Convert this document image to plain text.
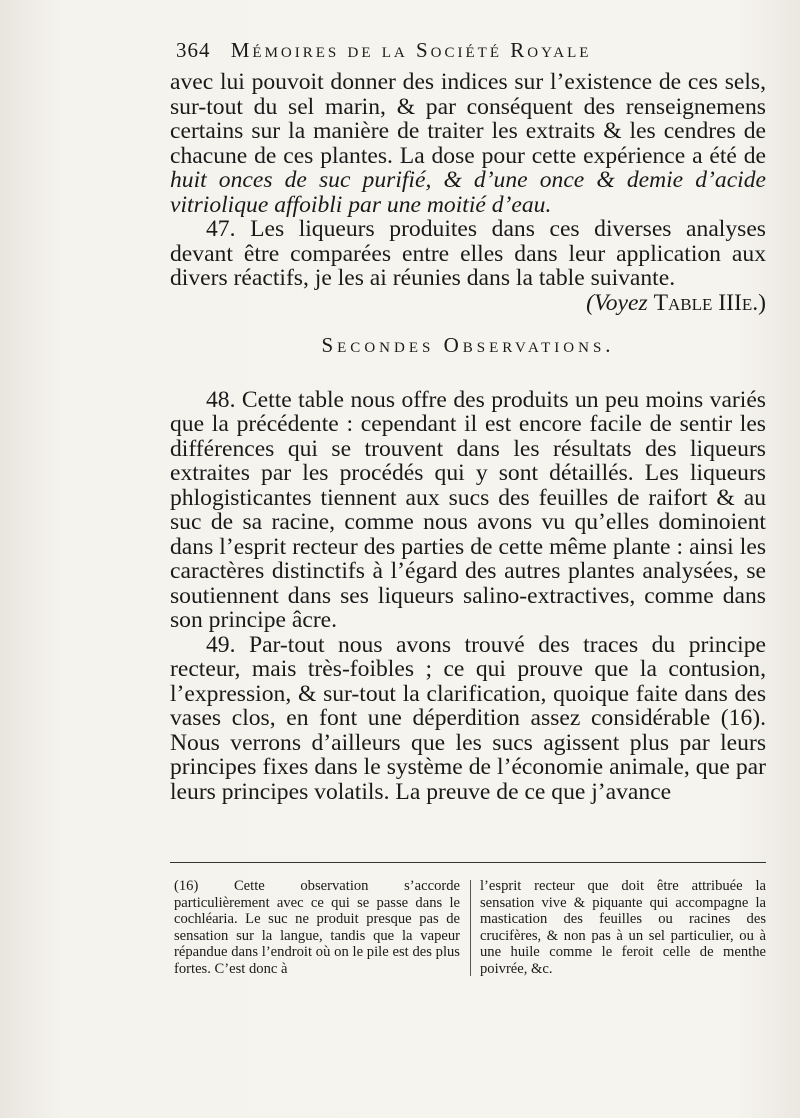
364 Mémoires de la Société Royale

avec lui pouvoit donner des indices sur l’existence de ces sels, sur-tout du sel marin, & par conséquent des renseignemens certains sur la manière de traiter les extraits & les cendres de chacune de ces plantes. La dose pour cette expérience a été de huit onces de suc purifié, & d’une once & demie d’acide vitriolique affoibli par une moitié d’eau.

47. Les liqueurs produites dans ces diverses analyses devant être comparées entre elles dans leur application aux divers réactifs, je les ai réunies dans la table suivante.

(Voyez Table IIIe.)

Secondes Observations.

48. Cette table nous offre des produits un peu moins variés que la précédente : cependant il est encore facile de sentir les différences qui se trouvent dans les résultats des liqueurs extraites par les procédés qui y sont détaillés. Les liqueurs phlogisticantes tiennent aux sucs des feuilles de raifort & au suc de sa racine, comme nous avons vu qu’elles dominoient dans l’esprit recteur des parties de cette même plante : ainsi les caractères distinctifs à l’égard des autres plantes analysées, se soutiennent dans ses liqueurs salino-extractives, comme dans son principe âcre.

49. Par-tout nous avons trouvé des traces du principe recteur, mais très-foibles ; ce qui prouve que la contusion, l’expression, & sur-tout la clarification, quoique faite dans des vases clos, en font une déperdition assez considérable (16). Nous verrons d’ailleurs que les sucs agissent plus par leurs principes fixes dans le système de l’économie animale, que par leurs principes volatils. La preuve de ce que j’avance

(16) Cette observation s’accorde particulièrement avec ce qui se passe dans le cochléaria. Le suc ne produit presque pas de sensation sur la langue, tandis que la vapeur répandue dans l’endroit où on le pile est des plus fortes. C’est donc à

l’esprit recteur que doit être attribuée la sensation vive & piquante qui accompagne la mastication des feuilles ou racines des crucifères, & non pas à un sel particulier, ou à une huile comme le feroit celle de menthe poivrée, &c.
